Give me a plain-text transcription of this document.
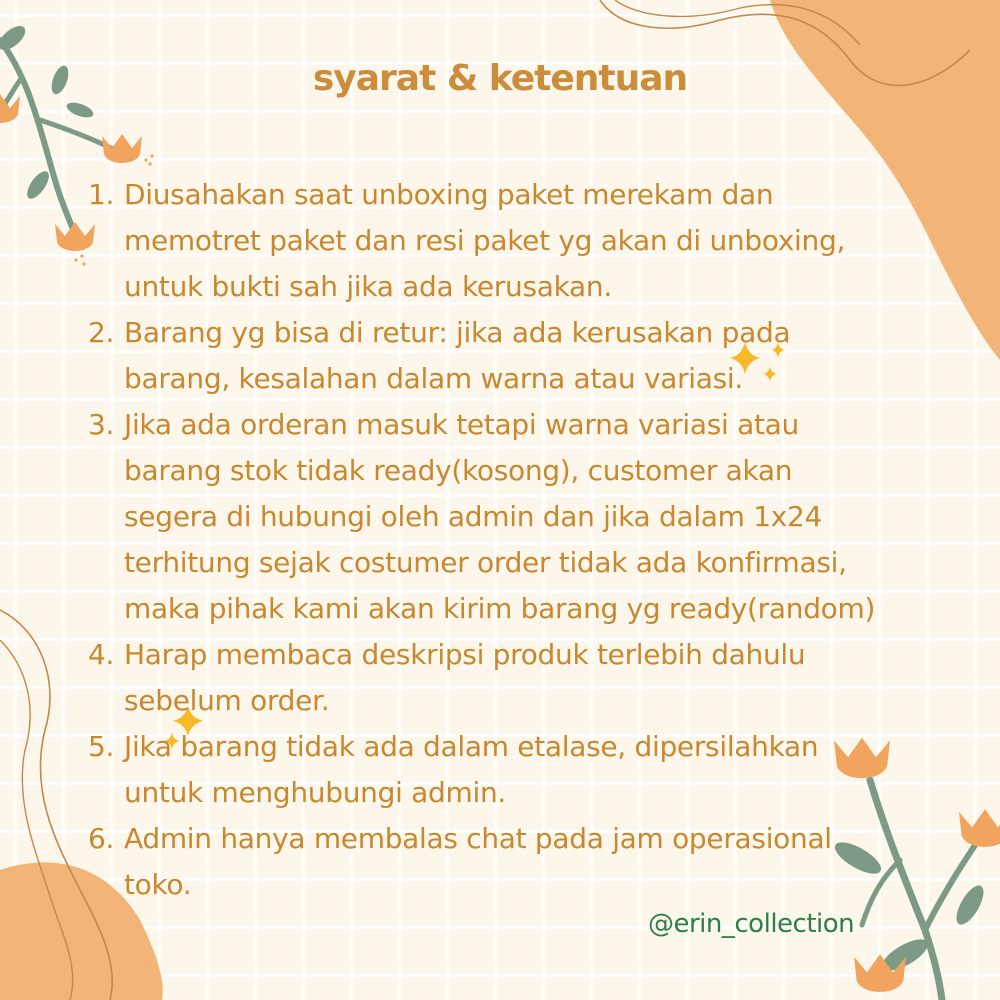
syarat & ketentuan
1. Diusahakan saat unboxing paket merekam dan
memotret paket dan resi paket yg akan di unboxing,
untuk bukti sah jika ada kerusakan.
2. Barang yg bisa di retur: jika ada kerusakan pada
barang, kesalahan dalam warna atau variasi.
3. Jika ada orderan masuk tetapi warna variasi atau
barang stok tidak ready(kosong), customer akan
segera di hubungi oleh admin dan jika dalam 1x24
terhitung sejak costumer order tidak ada konfirmasi,
maka pihak kami akan kirim barang yg ready(random)
4. Harap membaca deskripsi produk terlebih dahulu
sebelum order.
5. Jika barang tidak ada dalam etalase, dipersilahkan
untuk menghubungi admin.
6. Admin hanya membalas chat pada jam operasional
toko.
@erin_collection
